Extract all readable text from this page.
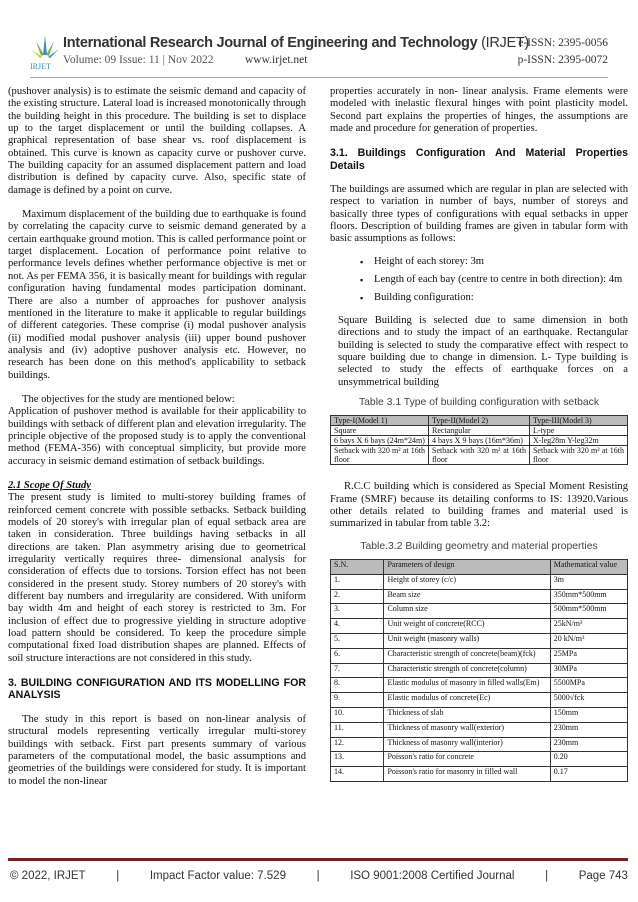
IRJET
International Research Journal of Engineering and Technology (IRJET)
Volume: 09 Issue: 11 | Nov 2022	www.irjet.net
e-ISSN: 2395-0056
p-ISSN: 2395-0072

(pushover analysis) is to estimate the seismic demand and capacity of the existing structure. Lateral load is increased monotonically through the building height in this procedure. The building is set to displace up to the target displacement or until the building collapses. A graphical representation of base shear vs. roof displacement is obtained. This curve is known as capacity curve or pushover curve. The building capacity for an assumed displacement pattern and load distribution is defined by capacity curve. Also, specific state of damage is defined by a point on curve.

Maximum displacement of the building due to earthquake is found by correlating the capacity curve to seismic demand generated by a certain earthquake ground motion. This is called performance point or target displacement. Location of performance point relative to performance levels defines whether performance objective is met or not. As per FEMA 356, it is basically meant for buildings with regular configuration having fundamental modes participation dominant. There are also a number of approaches for pushover analysis mentioned in the literature to make it applicable to regular buildings of different categories. These comprise (i) modal pushover analysis (ii) modified modal pushover analysis (iii) upper bound pushover analysis and (iv) adoptive pushover analysis etc. However, no research has been done on this method's applicability to setback buildings.

The objectives for the study are mentioned below:

Application of pushover method is available for their applicability to buildings with setback of different plan and elevation irregularity. The principle objective of the proposed study is to apply the conventional method (FEMA-356) with conceptual simplicity, but provide more accuracy in seismic demand estimation of setback buildings.

2.1 Scope Of Study

The present study is limited to multi-storey building frames of reinforced cement concrete with possible setbacks. Setback building models of 20 storey's with irregular plan of equal setback area are taken in consideration. Three buildings having setbacks in all directions are taken. Plan asymmetry arising due to geometrical irregularity vertically requires three- dimensional analysis for consideration of effects due to torsions. Torsion effect has not been considered in the present study. Storey numbers of 20 storey's with different bay numbers and irregularity are considered. With uniform bay width 4m and height of each storey is restricted to 3m. For inclusion of effect due to progressive yielding in structure adoptive load pattern should be considered. To keep the procedure simple computational fixed load distribution shapes are planned. Effects of soil structure interactions are not considered in this study.

3. BUILDING CONFIGURATION AND ITS MODELLING FOR ANALYSIS

The study in this report is based on non-linear analysis of structural models representing vertically irregular multi-storey buildings with setback. First part presents summary of various parameters of the computational model, the basic assumptions and geometries of the buildings were considered for study. It is important to model the non-linear

properties accurately in non- linear analysis. Frame elements were modeled with inelastic flexural hinges with point plasticity model. Second part explains the properties of hinges, the assumptions are made and procedure for generation of properties.

3.1. Buildings Configuration And Material Properties Details

The buildings are assumed which are regular in plan are selected with respect to variation in number of bays, number of storeys and basically three types of configurations with equal setbacks in upper floors. Description of building frames are given in tabular form with basic assumptions as follows:

▪ Height of each storey: 3m
▪ Length of each bay (centre to centre in both direction): 4m
▪ Building configuration:

Square Building is selected due to same dimension in both directions and to study the impact of an earthquake. Rectangular building is selected to study the comparative effect with respect to square building due to change in dimension. L- Type building is selected to study the effects of earthquake forces on a unsymmetrical building

Table 3.1 Type of building configuration with setback

Type-I(Model 1)	Type-II(Model 2)	Type-III(Model 3)
Square	Rectangular	L-type
6 bays X 6 bays (24m*24m)	4 bays X 9 bays (16m*36m)	X-leg28m Y-leg32m
Setback with 320 m² at 16th floor	Setback with 320 m² at 16th floor	Setback with 320 m² at 16th floor

R.C.C building which is considered as Special Moment Resisting Frame (SMRF) because its detailing conforms to IS: 13920.Various other details related to building frames and material used is summarized in tabular from table 3.2:

Table.3.2 Building geometry and material properties

S.N.	Parameters of design	Mathematical value
1.	Height of storey (c/c)	3m
2.	Beam size	350mm*500mm
3.	Column size	500mm*500mm
4.	Unit weight of concrete(RCC)	25kN/m³
5.	Unit weight (masonry walls)	20 kN/m³
6.	Characteristic strength of concrete(beam)(fck)	25MPa
7.	Characteristic strength of concrete(column)	30MPa
8.	Elastic modulus of masonry in filled walls(Em)	5500MPa
9.	Elastic modulus of concrete(Ec)	5000√fck
10.	Thickness of slab	150mm
11.	Thickness of masonry wall(exterior)	230mm
12.	Thickness of masonry wall(interior)	230mm
13.	Poisson's ratio for concrete	0.20
14.	Poisson's ratio for masonry in filled wall	0.17
© 2022, IRJET	|	Impact Factor value: 7.529	|	ISO 9001:2008 Certified Journal	|	Page 743
